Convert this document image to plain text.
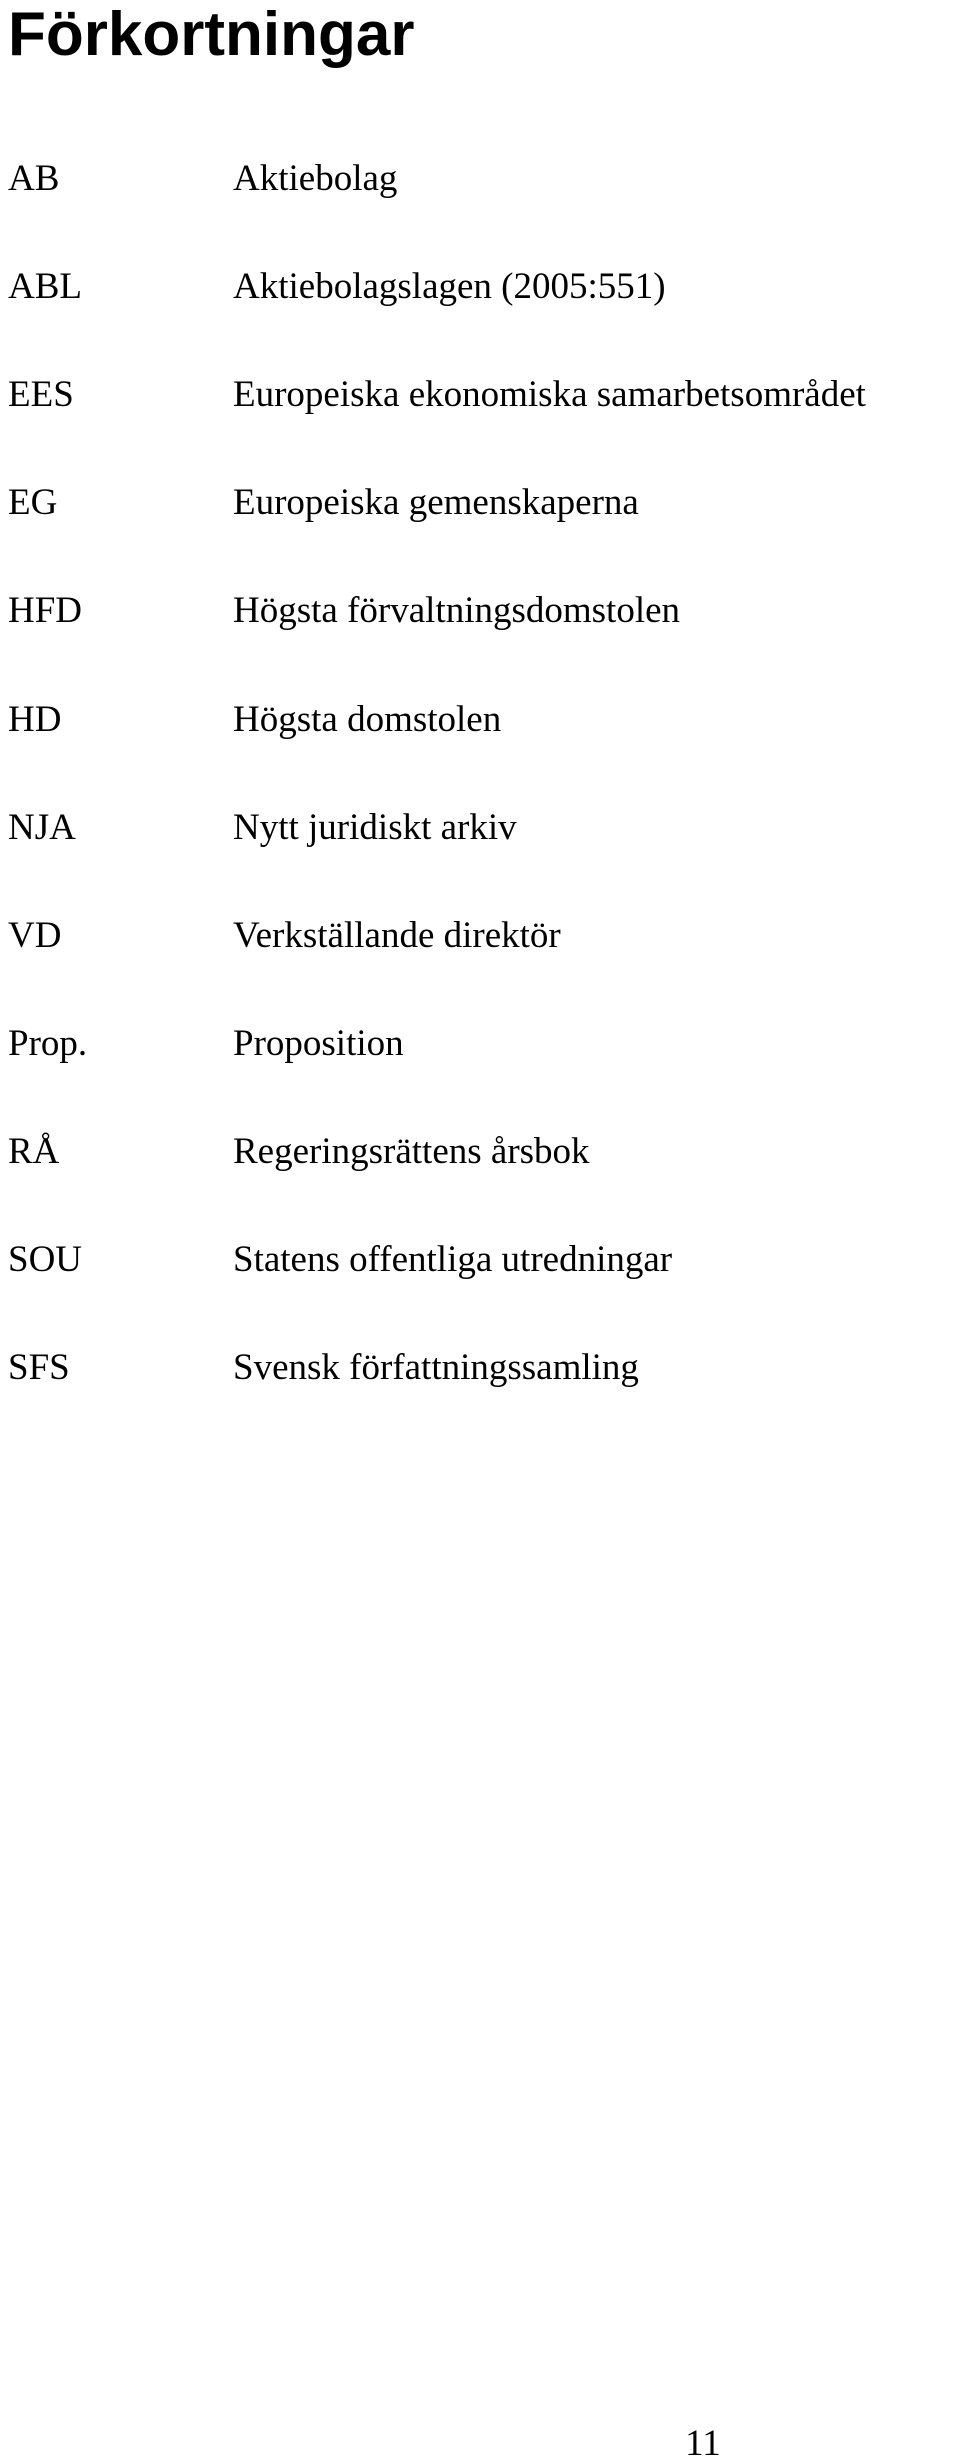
Förkortningar
AB	Aktiebolag
ABL	Aktiebolagslagen (2005:551)
EES	Europeiska ekonomiska samarbetsområdet
EG	Europeiska gemenskaperna
HFD	Högsta förvaltningsdomstolen
HD	Högsta domstolen
NJA	Nytt juridiskt arkiv
VD	Verkställande direktör
Prop.	Proposition
RÅ	Regeringsrättens årsbok
SOU	Statens offentliga utredningar
SFS	Svensk författningssamling
11
